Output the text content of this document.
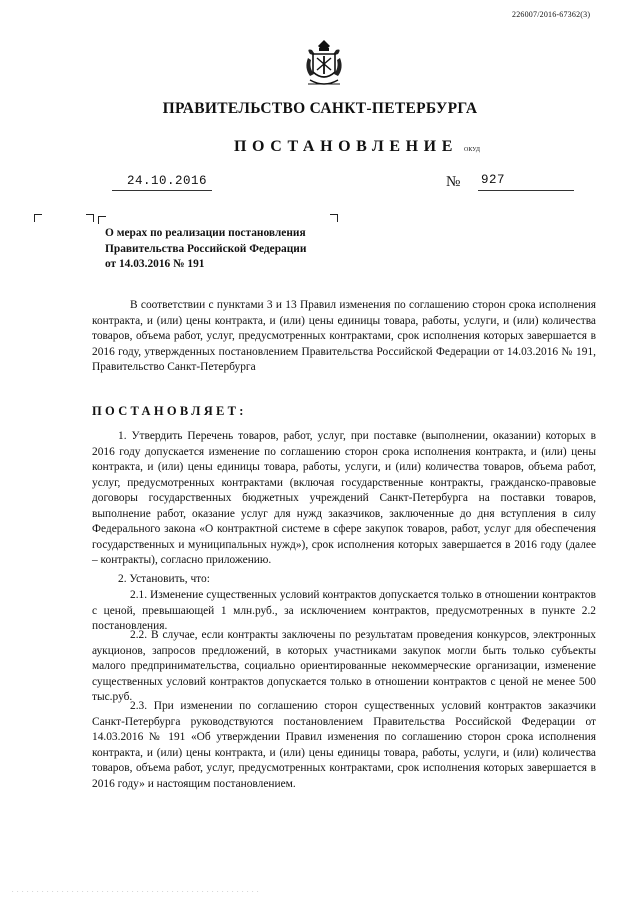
226007/2016-67362(3)
ПРАВИТЕЛЬСТВО САНКТ-ПЕТЕРБУРГА
ПОСТАНОВЛЕНИЕ ОКУД
24.10.2016	№ 927
О мерах по реализации постановления
Правительства Российской Федерации
от 14.03.2016 № 191

В соответствии с пунктами 3 и 13 Правил изменения по соглашению сторон срока исполнения контракта, и (или) цены контракта, и (или) цены единицы товара, работы, услуги, и (или) количества товаров, объема работ, услуг, предусмотренных контрактами, срок исполнения которых завершается в 2016 году, утвержденных постановлением Правительства Российской Федерации от 14.03.2016 № 191, Правительство Санкт-Петербурга

ПОСТАНОВЛЯЕТ:

1. Утвердить Перечень товаров, работ, услуг, при поставке (выполнении, оказании) которых в 2016 году допускается изменение по соглашению сторон срока исполнения контракта, и (или) цены контракта, и (или) цены единицы товара, работы, услуги, и (или) количества товаров, объема работ, услуг, предусмотренных контрактами (включая государственные контракты, гражданско-правовые договоры государственных бюджетных учреждений Санкт-Петербурга на поставки товаров, выполнение работ, оказание услуг для нужд заказчиков, заключенные до дня вступления в силу Федерального закона «О контрактной системе в сфере закупок товаров, работ, услуг для обеспечения государственных и муниципальных нужд»), срок исполнения которых завершается в 2016 году (далее – контракты), согласно приложению.

2. Установить, что:

2.1. Изменение существенных условий контрактов допускается только в отношении контрактов с ценой, превышающей 1 млн.руб., за исключением контрактов, предусмотренных в пункте 2.2 постановления.

2.2. В случае, если контракты заключены по результатам проведения конкурсов, электронных аукционов, запросов предложений, в которых участниками закупок могли быть только субъекты малого предпринимательства, социально ориентированные некоммерческие организации, изменение существенных условий контрактов допускается только в отношении контрактов с ценой не менее 500 тыс.руб.

2.3. При изменении по соглашению сторон существенных условий контрактов заказчики Санкт-Петербурга руководствуются постановлением Правительства Российской Федерации от 14.03.2016 № 191 «Об утверждении Правил изменения по соглашению сторон срока исполнения контракта, и (или) цены контракта, и (или) цены единицы товара, работы, услуги, и (или) количества товаров, объема работ, услуг, предусмотренных контрактами, срок исполнения которых завершается в 2016 году» и настоящим постановлением.

. . . . . . . . . . . . . . . . . . . . . . . . . . . . . . . . . . . . . . . . . . . . . . . . . .
